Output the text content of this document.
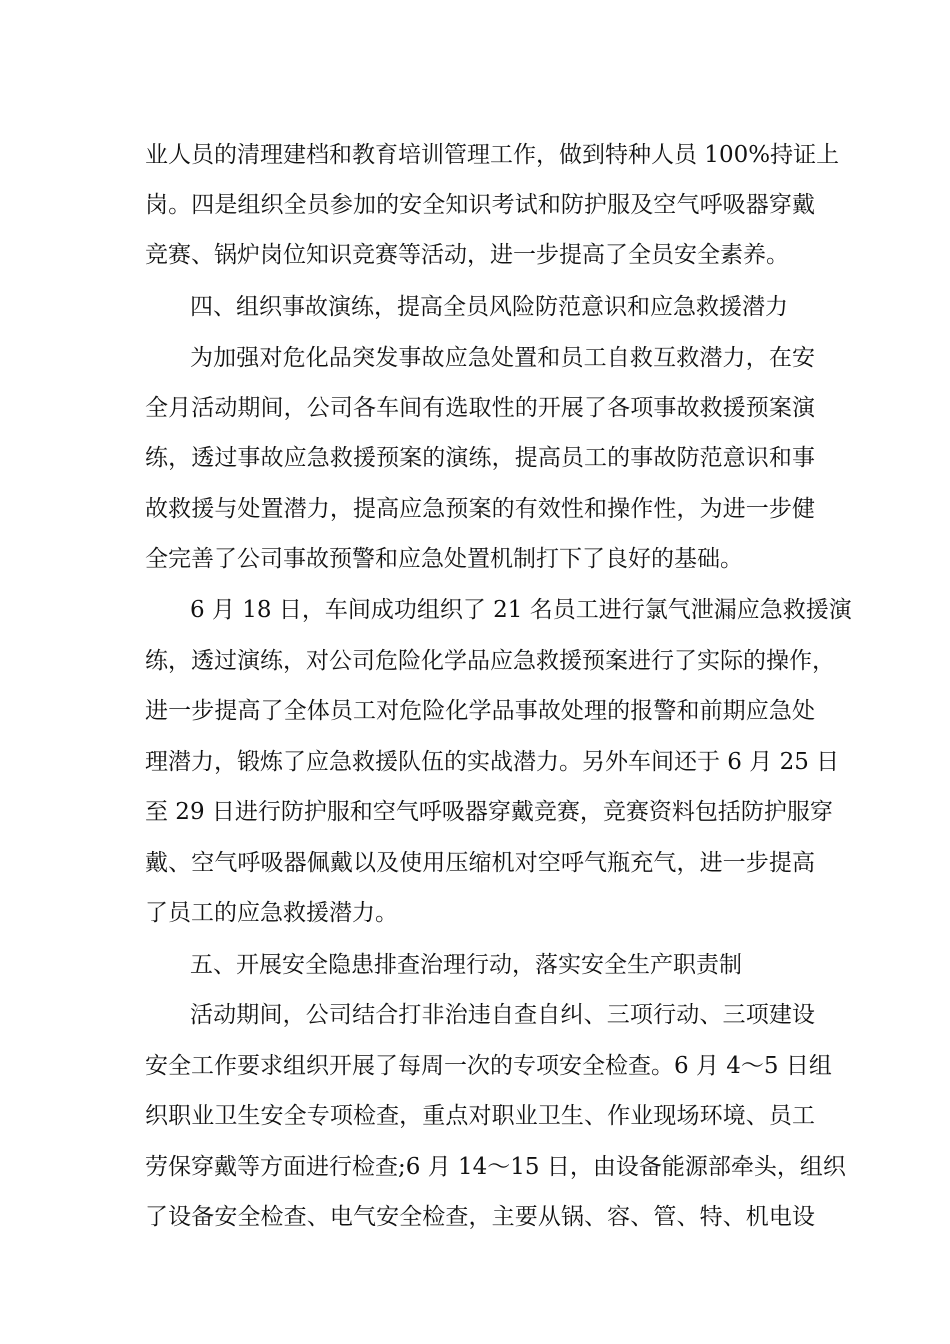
业人员的清理建档和教育培训管理工作，做到特种人员 100%持证上

岗。四是组织全员参加的安全知识考试和防护服及空气呼吸器穿戴

竞赛、锅炉岗位知识竞赛等活动，进一步提高了全员安全素养。

四、组织事故演练，提高全员风险防范意识和应急救援潜力

为加强对危化品突发事故应急处置和员工自救互救潜力，在安

全月活动期间，公司各车间有选取性的开展了各项事故救援预案演

练，透过事故应急救援预案的演练，提高员工的事故防范意识和事

故救援与处置潜力，提高应急预案的有效性和操作性，为进一步健

全完善了公司事故预警和应急处置机制打下了良好的基础。

6 月 18 日，车间成功组织了 21 名员工进行氯气泄漏应急救援演

练，透过演练，对公司危险化学品应急救援预案进行了实际的操作，

进一步提高了全体员工对危险化学品事故处理的报警和前期应急处

理潜力，锻炼了应急救援队伍的实战潜力。另外车间还于 6 月 25 日

至 29 日进行防护服和空气呼吸器穿戴竞赛，竞赛资料包括防护服穿

戴、空气呼吸器佩戴以及使用压缩机对空呼气瓶充气，进一步提高

了员工的应急救援潜力。

五、开展安全隐患排查治理行动，落实安全生产职责制

活动期间，公司结合打非治违自查自纠、三项行动、三项建设

安全工作要求组织开展了每周一次的专项安全检查。6 月 4～5 日组

织职业卫生安全专项检查，重点对职业卫生、作业现场环境、员工

劳保穿戴等方面进行检查;6 月 14～15 日，由设备能源部牵头，组织

了设备安全检查、电气安全检查，主要从锅、容、管、特、机电设
